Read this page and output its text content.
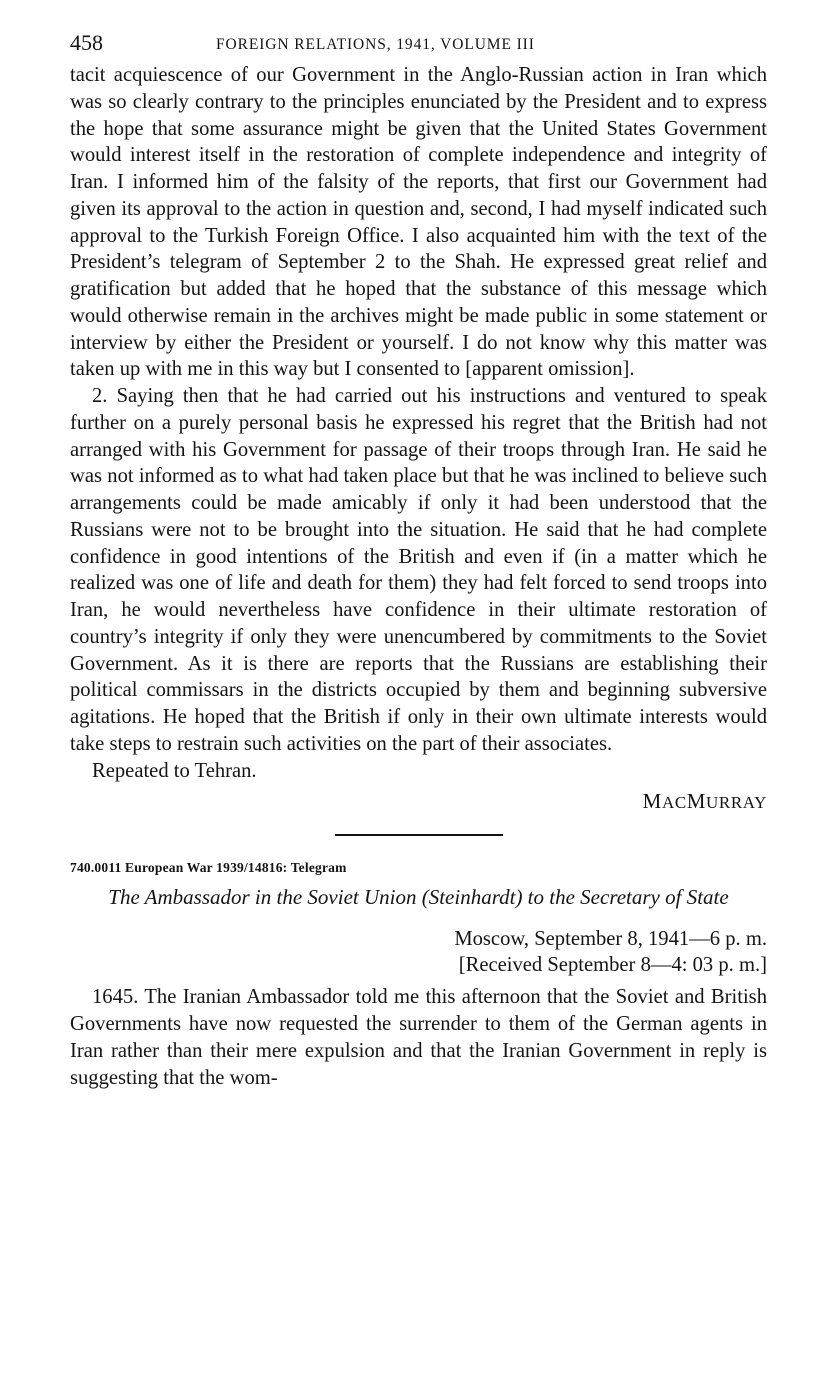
458	FOREIGN RELATIONS, 1941, VOLUME III

tacit acquiescence of our Government in the Anglo-Russian action in Iran which was so clearly contrary to the principles enunciated by the President and to express the hope that some assurance might be given that the United States Government would interest itself in the restoration of complete independence and integrity of Iran. I informed him of the falsity of the reports, that first our Government had given its approval to the action in question and, second, I had myself indicated such approval to the Turkish Foreign Office. I also acquainted him with the text of the President’s telegram of September 2 to the Shah. He expressed great relief and gratification but added that he hoped that the substance of this message which would otherwise remain in the archives might be made public in some statement or interview by either the President or yourself. I do not know why this matter was taken up with me in this way but I consented to [apparent omission].

2. Saying then that he had carried out his instructions and ventured to speak further on a purely personal basis he expressed his regret that the British had not arranged with his Government for passage of their troops through Iran. He said he was not informed as to what had taken place but that he was inclined to believe such arrangements could be made amicably if only it had been understood that the Russians were not to be brought into the situation. He said that he had complete confidence in good intentions of the British and even if (in a matter which he realized was one of life and death for them) they had felt forced to send troops into Iran, he would nevertheless have confidence in their ultimate restoration of country’s integrity if only they were unencumbered by commitments to the Soviet Government. As it is there are reports that the Russians are establishing their political commissars in the districts occupied by them and beginning subversive agitations. He hoped that the British if only in their own ultimate interests would take steps to restrain such activities on the part of their associates.

Repeated to Tehran.

MACMURRAY
740.0011 European War 1939/14816: Telegram
The Ambassador in the Soviet Union (Steinhardt) to the Secretary of State
Moscow, September 8, 1941—6 p. m.
[Received September 8—4: 03 p. m.]

1645. The Iranian Ambassador told me this afternoon that the Soviet and British Governments have now requested the surrender to them of the German agents in Iran rather than their mere expulsion and that the Iranian Government in reply is suggesting that the wom-
